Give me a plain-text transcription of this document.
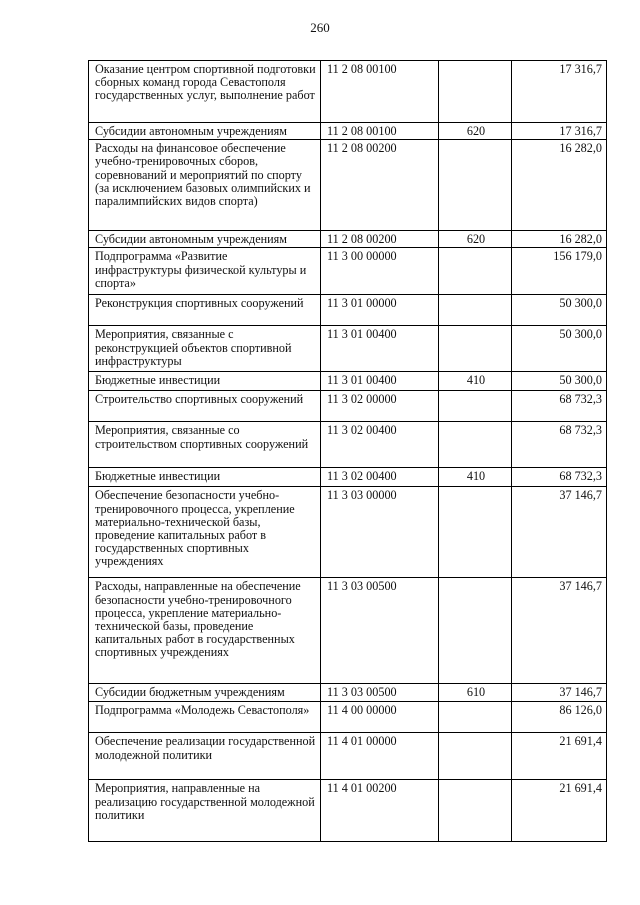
260
Оказание центром спортивной подготовки сборных команд города Севастополя государственных услуг, выполнение работ	11 2 08 00100		17 316,7
Субсидии автономным учреждениям	11 2 08 00100	620	17 316,7
Расходы на финансовое обеспечение учебно-тренировочных сборов, соревнований и мероприятий по спорту (за исключением базовых олимпийских и паралимпийских видов спорта)	11 2 08 00200		16 282,0
Субсидии автономным учреждениям	11 2 08 00200	620	16 282,0
Подпрограмма «Развитие инфраструктуры физической культуры и спорта»	11 3 00 00000		156 179,0
Реконструкция спортивных сооружений	11 3 01 00000		50 300,0
Мероприятия, связанные с реконструкцией объектов спортивной инфраструктуры	11 3 01 00400		50 300,0
Бюджетные инвестиции	11 3 01 00400	410	50 300,0
Строительство спортивных сооружений	11 3 02 00000		68 732,3
Мероприятия, связанные со строительством спортивных сооружений	11 3 02 00400		68 732,3
Бюджетные инвестиции	11 3 02 00400	410	68 732,3
Обеспечение безопасности учебно-тренировочного процесса, укрепление материально-технической базы, проведение капитальных работ в государственных спортивных учреждениях	11 3 03 00000		37 146,7
Расходы, направленные на обеспечение безопасности учебно-тренировочного процесса, укрепление материально-технической базы, проведение капитальных работ в государственных спортивных учреждениях	11 3 03 00500		37 146,7
Субсидии бюджетным учреждениям	11 3 03 00500	610	37 146,7
Подпрограмма «Молодежь Севастополя»	11 4 00 00000		86 126,0
Обеспечение реализации государственной молодежной политики	11 4 01 00000		21 691,4
Мероприятия, направленные на реализацию государственной молодежной политики	11 4 01 00200		21 691,4
